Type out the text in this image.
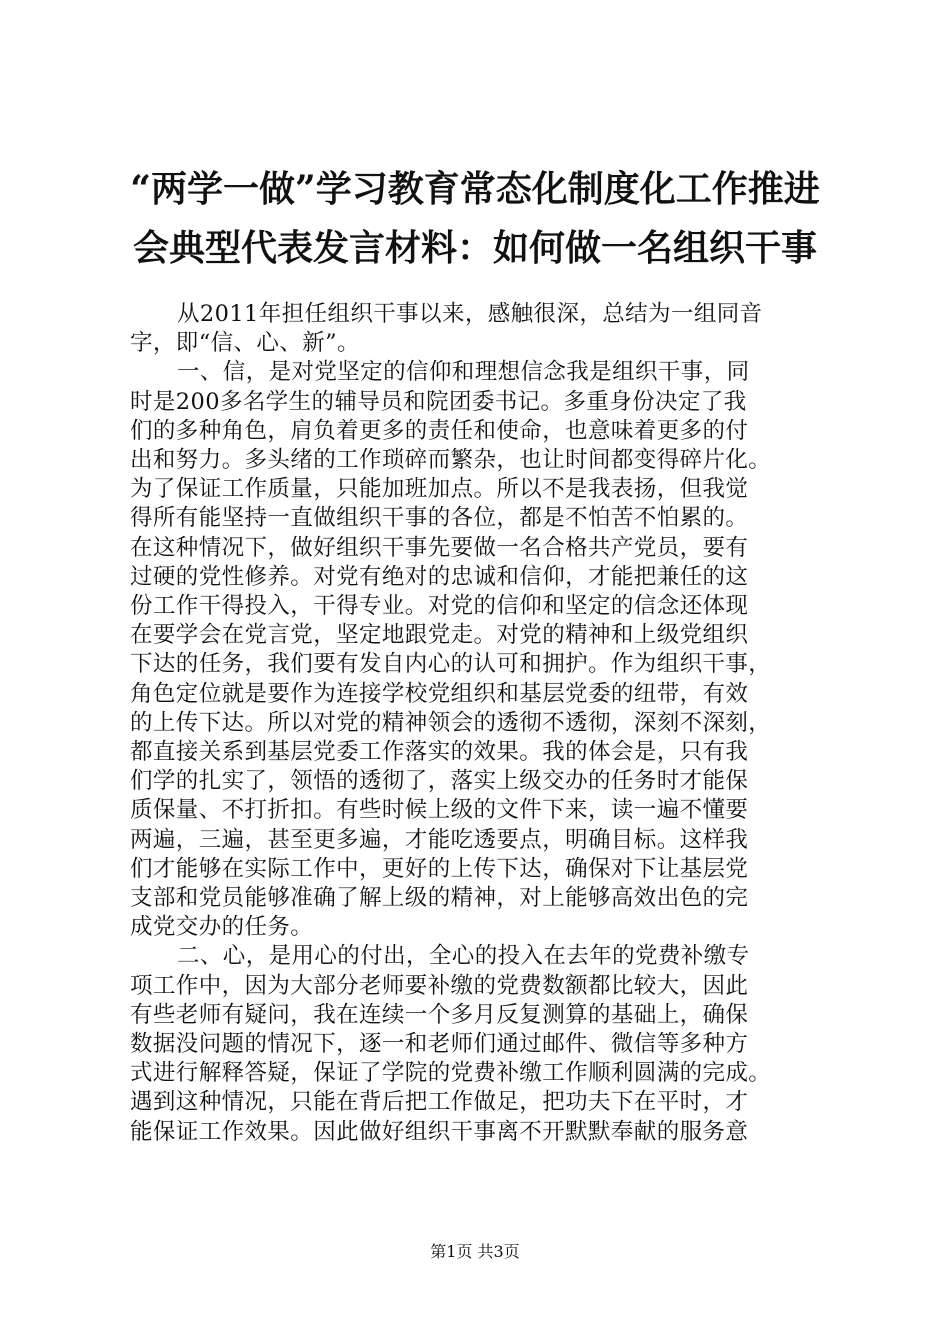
“两学一做”学习教育常态化制度化工作推进
会典型代表发言材料：如何做一名组织干事
从2011年担任组织干事以来，感触很深，总结为一组同音
字，即“信、心、新”。
一、信，是对党坚定的信仰和理想信念我是组织干事，同
时是200多名学生的辅导员和院团委书记。多重身份决定了我
们的多种角色，肩负着更多的责任和使命，也意味着更多的付
出和努力。多头绪的工作琐碎而繁杂，也让时间都变得碎片化。
为了保证工作质量，只能加班加点。所以不是我表扬，但我觉
得所有能坚持一直做组织干事的各位，都是不怕苦不怕累的。
在这种情况下，做好组织干事先要做一名合格共产党员，要有
过硬的党性修养。对党有绝对的忠诚和信仰，才能把兼任的这
份工作干得投入，干得专业。对党的信仰和坚定的信念还体现
在要学会在党言党，坚定地跟党走。对党的精神和上级党组织
下达的任务，我们要有发自内心的认可和拥护。作为组织干事，
角色定位就是要作为连接学校党组织和基层党委的纽带，有效
的上传下达。所以对党的精神领会的透彻不透彻，深刻不深刻，
都直接关系到基层党委工作落实的效果。我的体会是，只有我
们学的扎实了，领悟的透彻了，落实上级交办的任务时才能保
质保量、不打折扣。有些时候上级的文件下来，读一遍不懂要
两遍，三遍，甚至更多遍，才能吃透要点，明确目标。这样我
们才能够在实际工作中，更好的上传下达，确保对下让基层党
支部和党员能够准确了解上级的精神，对上能够高效出色的完
成党交办的任务。
二、心，是用心的付出，全心的投入在去年的党费补缴专
项工作中，因为大部分老师要补缴的党费数额都比较大，因此
有些老师有疑问，我在连续一个多月反复测算的基础上，确保
数据没问题的情况下，逐一和老师们通过邮件、微信等多种方
式进行解释答疑，保证了学院的党费补缴工作顺利圆满的完成。
遇到这种情况，只能在背后把工作做足，把功夫下在平时，才
能保证工作效果。因此做好组织干事离不开默默奉献的服务意
第1页 共3页
